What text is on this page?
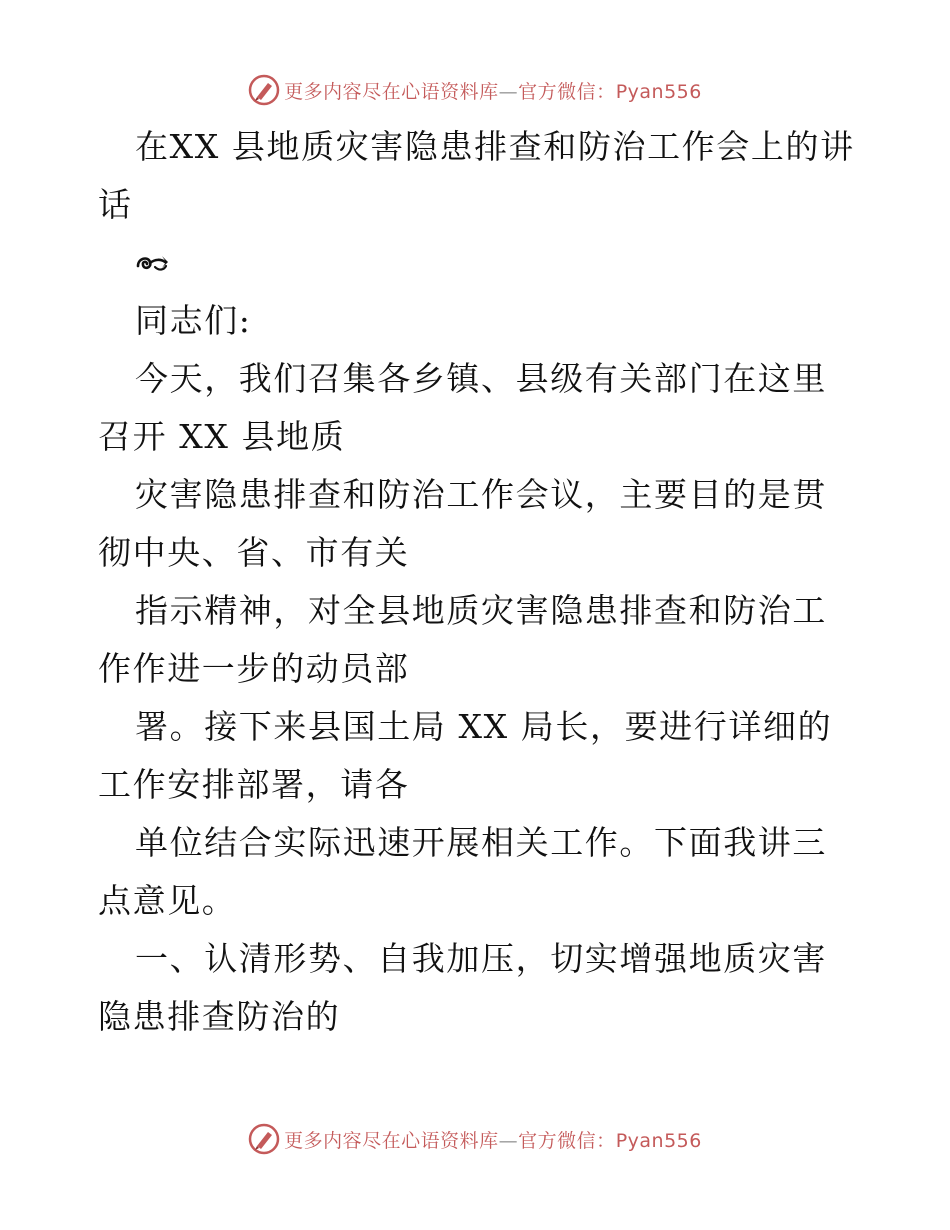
更多内容尽在心语资料库—官方微信：Pyan556

在XX 县地质灾害隐患排查和防治工作会上的讲话

同志们:

今天，我们召集各乡镇、县级有关部门在这里召开 XX 县地质

灾害隐患排查和防治工作会议，主要目的是贯彻中央、省、市有关

指示精神，对全县地质灾害隐患排查和防治工作作进一步的动员部

署。接下来县国土局 XX 局长，要进行详细的工作安排部署，请各

单位结合实际迅速开展相关工作。下面我讲三点意见。

一、认清形势、自我加压，切实增强地质灾害隐患排查防治的

更多内容尽在心语资料库—官方微信：Pyan556
